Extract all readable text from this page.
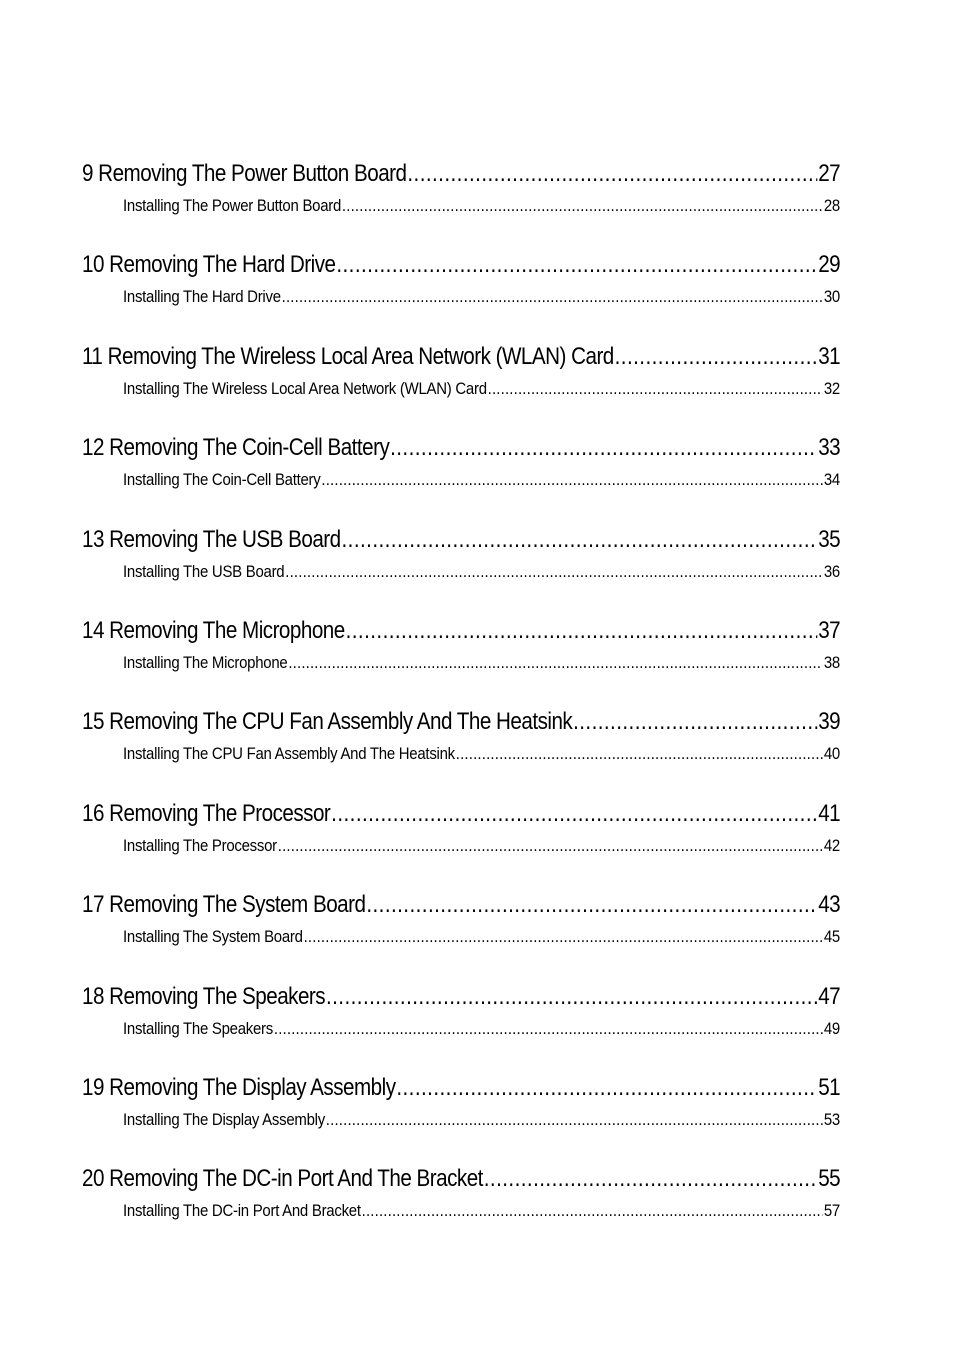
9 Removing The Power Button Board .....	27
Installing The Power Button Board .....	28
10 Removing The Hard Drive .....	29
Installing The Hard Drive .....	30
11 Removing The Wireless Local Area Network (WLAN) Card .....	31
Installing The Wireless Local Area Network (WLAN) Card .....	32
12 Removing The Coin-Cell Battery .....	33
Installing The Coin-Cell Battery .....	34
13 Removing The USB Board .....	35
Installing The USB Board .....	36
14 Removing The Microphone .....	37
Installing The Microphone .....	38
15 Removing The CPU Fan Assembly And The Heatsink .....	39
Installing The CPU Fan Assembly And The Heatsink .....	40
16 Removing The Processor .....	41
Installing The Processor .....	42
17 Removing The System Board .....	43
Installing The System Board .....	45
18 Removing The Speakers .....	47
Installing The Speakers .....	49
19 Removing The Display Assembly .....	51
Installing The Display Assembly .....	53
20 Removing The DC-in Port And The Bracket .....	55
Installing The DC-in Port And Bracket .....	57
